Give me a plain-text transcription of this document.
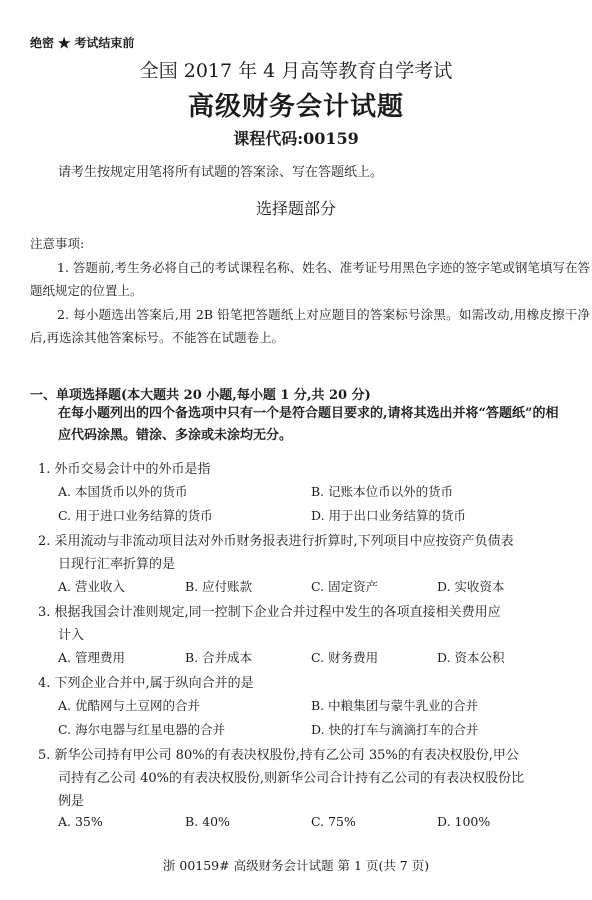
绝密 ★ 考试结束前
全国 2017 年 4 月高等教育自学考试
高级财务会计试题
课程代码:00159
请考生按规定用笔将所有试题的答案涂、写在答题纸上。
选择题部分
注意事项:
1. 答题前,考生务必将自己的考试课程名称、姓名、准考证号用黑色字迹的签字笔或钢笔填写在答题纸规定的位置上。
2. 每小题选出答案后,用 2B 铅笔把答题纸上对应题目的答案标号涂黑。如需改动,用橡皮擦干净后,再选涂其他答案标号。不能答在试题卷上。
一、单项选择题(本大题共 20 小题,每小题 1 分,共 20 分)
在每小题列出的四个备选项中只有一个是符合题目要求的,请将其选出并将“答题纸”的相应代码涂黑。错涂、多涂或未涂均无分。
1. 外币交易会计中的外币是指
A. 本国货币以外的货币	B. 记账本位币以外的货币
C. 用于进口业务结算的货币	D. 用于出口业务结算的货币
2. 采用流动与非流动项目法对外币财务报表进行折算时,下列项目中应按资产负债表
日现行汇率折算的是
A. 营业收入	B. 应付账款	C. 固定资产	D. 实收资本
3. 根据我国会计准则规定,同一控制下企业合并过程中发生的各项直接相关费用应
计入
A. 管理费用	B. 合并成本	C. 财务费用	D. 资本公积
4. 下列企业合并中,属于纵向合并的是
A. 优酷网与土豆网的合并	B. 中粮集团与蒙牛乳业的合并
C. 海尔电器与红星电器的合并	D. 快的打车与滴滴打车的合并
5. 新华公司持有甲公司 80%的有表决权股份,持有乙公司 35%的有表决权股份,甲公
司持有乙公司 40%的有表决权股份,则新华公司合计持有乙公司的有表决权股份比
例是
A. 35%	B. 40%	C. 75%	D. 100%
浙 00159# 高级财务会计试题 第 1 页(共 7 页)
